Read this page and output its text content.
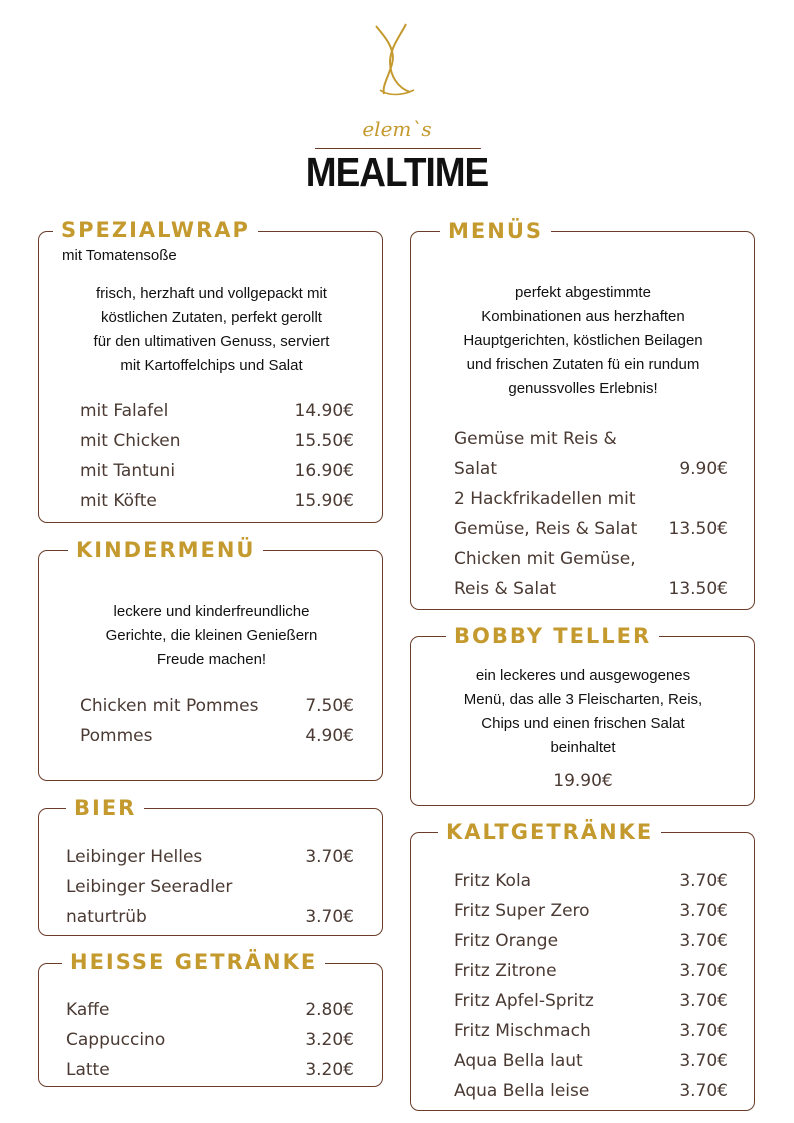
elem`s
MEALTIME
SPEZIALWRAP
mit Tomatensoße
frisch, herzhaft und vollgepackt mit
köstlichen Zutaten, perfekt gerollt
für den ultimativen Genuss, serviert
mit Kartoffelchips und Salat
mit Falafel	14.90€
mit Chicken	15.50€
mit Tantuni	16.90€
mit Köfte	15.90€
KINDERMENÜ
leckere und kinderfreundliche
Gerichte, die kleinen Genießern
Freude machen!
Chicken mit Pommes	7.50€
Pommes	4.90€
BIER
Leibinger Helles	3.70€
Leibinger Seeradler
naturtrüb	3.70€
HEISSE GETRÄNKE
Kaffe	2.80€
Cappuccino	3.20€
Latte	3.20€
MENÜS
perfekt abgestimmte
Kombinationen aus herzhaften
Hauptgerichten, köstlichen Beilagen
und frischen Zutaten fü ein rundum
genussvolles Erlebnis!
Gemüse mit Reis &
Salat	9.90€
2 Hackfrikadellen mit
Gemüse, Reis & Salat 13.50€
Chicken mit Gemüse,
Reis & Salat	13.50€
BOBBY TELLER
ein leckeres und ausgewogenes
Menü, das alle 3 Fleischarten, Reis,
Chips und einen frischen Salat
beinhaltet
19.90€
KALTGETRÄNKE
Fritz Kola	3.70€
Fritz Super Zero	3.70€
Fritz Orange	3.70€
Fritz Zitrone	3.70€
Fritz Apfel-Spritz	3.70€
Fritz Mischmach	3.70€
Aqua Bella laut	3.70€
Aqua Bella leise	3.70€
